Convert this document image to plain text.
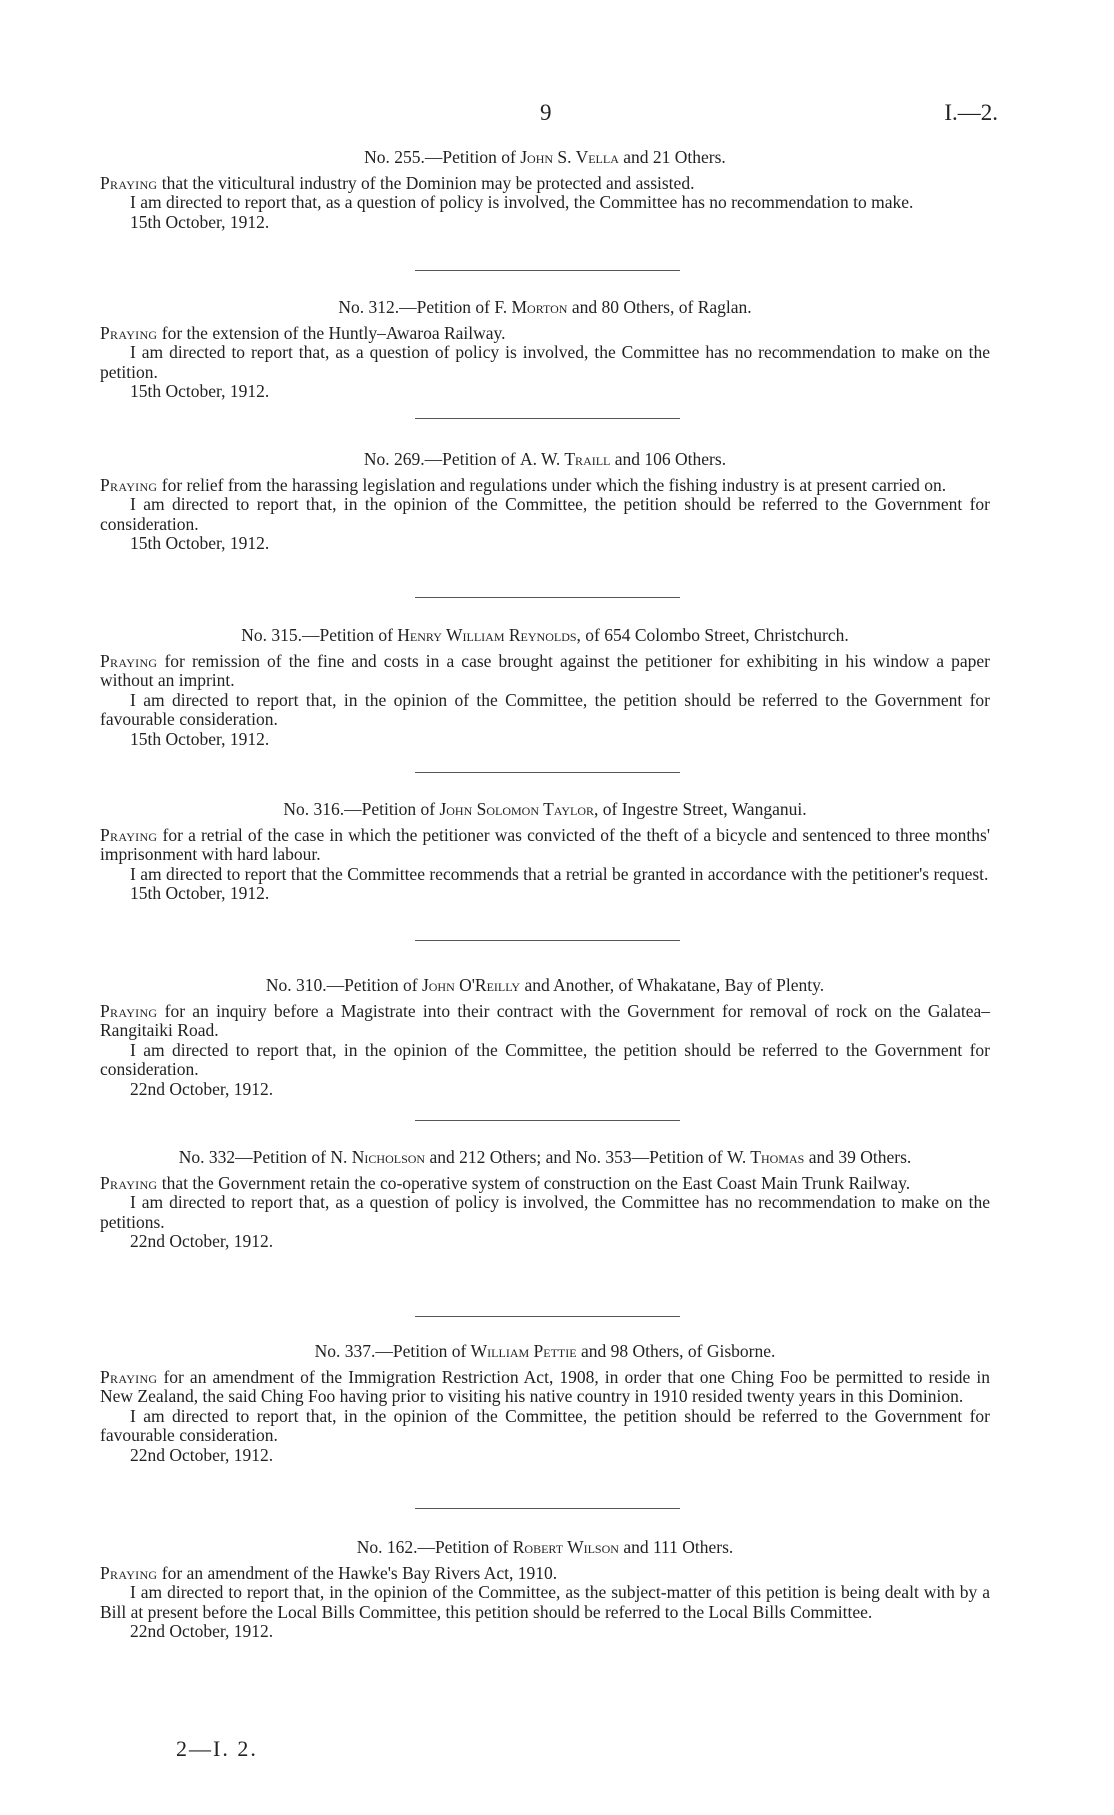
9	I.—2.
No. 255.—Petition of John S. Vella and 21 Others.
Praying that the viticultural industry of the Dominion may be protected and assisted.
I am directed to report that, as a question of policy is involved, the Committee has no recommendation to make.
15th October, 1912.
No. 312.—Petition of F. Morton and 80 Others, of Raglan.
Praying for the extension of the Huntly–Awaroa Railway.
I am directed to report that, as a question of policy is involved, the Committee has no recommendation to make on the petition.
15th October, 1912.
No. 269.—Petition of A. W. Traill and 106 Others.
Praying for relief from the harassing legislation and regulations under which the fishing industry is at present carried on.
I am directed to report that, in the opinion of the Committee, the petition should be referred to the Government for consideration.
15th October, 1912.
No. 315.—Petition of Henry William Reynolds, of 654 Colombo Street, Christchurch.
Praying for remission of the fine and costs in a case brought against the petitioner for exhibiting in his window a paper without an imprint.
I am directed to report that, in the opinion of the Committee, the petition should be referred to the Government for favourable consideration.
15th October, 1912.
No. 316.—Petition of John Solomon Taylor, of Ingestre Street, Wanganui.
Praying for a retrial of the case in which the petitioner was convicted of the theft of a bicycle and sentenced to three months' imprisonment with hard labour.
I am directed to report that the Committee recommends that a retrial be granted in accordance with the petitioner's request.
15th October, 1912.
No. 310.—Petition of John O'Reilly and Another, of Whakatane, Bay of Plenty.
Praying for an inquiry before a Magistrate into their contract with the Government for removal of rock on the Galatea–Rangitaiki Road.
I am directed to report that, in the opinion of the Committee, the petition should be referred to the Government for consideration.
22nd October, 1912.
No. 332—Petition of N. Nicholson and 212 Others; and No. 353—Petition of W. Thomas and 39 Others.
Praying that the Government retain the co-operative system of construction on the East Coast Main Trunk Railway.
I am directed to report that, as a question of policy is involved, the Committee has no recommendation to make on the petitions.
22nd October, 1912.
No. 337.—Petition of William Pettie and 98 Others, of Gisborne.
Praying for an amendment of the Immigration Restriction Act, 1908, in order that one Ching Foo be permitted to reside in New Zealand, the said Ching Foo having prior to visiting his native country in 1910 resided twenty years in this Dominion.
I am directed to report that, in the opinion of the Committee, the petition should be referred to the Government for favourable consideration.
22nd October, 1912.
No. 162.—Petition of Robert Wilson and 111 Others.
Praying for an amendment of the Hawke's Bay Rivers Act, 1910.
I am directed to report that, in the opinion of the Committee, as the subject-matter of this petition is being dealt with by a Bill at present before the Local Bills Committee, this petition should be referred to the Local Bills Committee.
22nd October, 1912.
2—I. 2.
